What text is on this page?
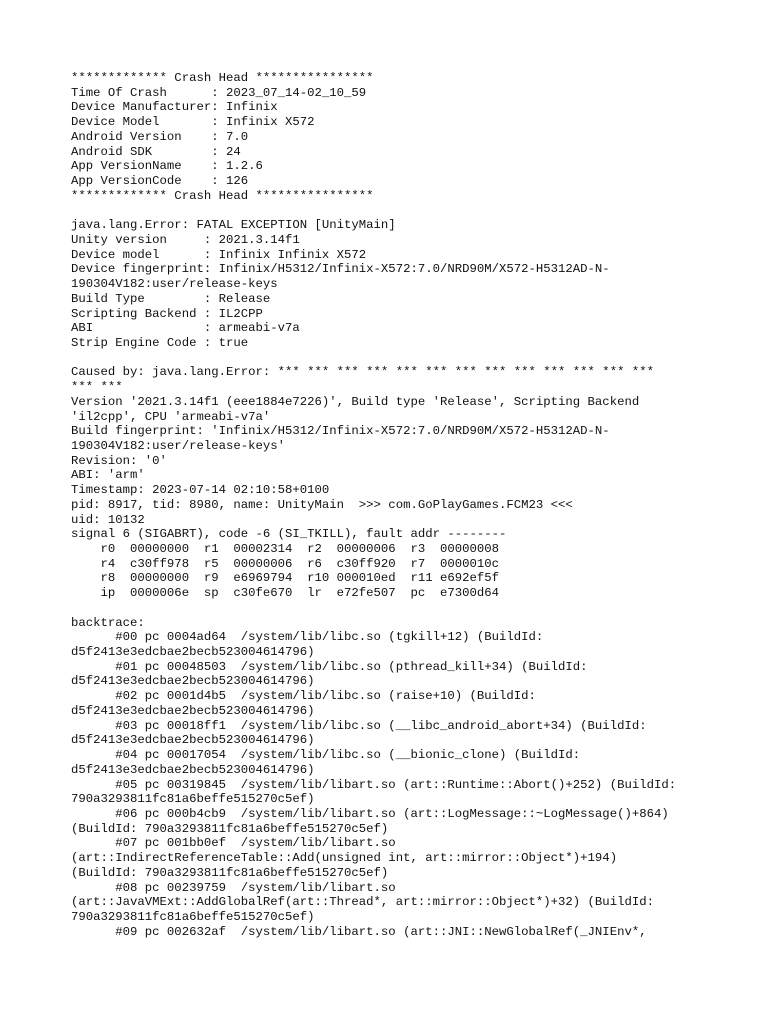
************* Crash Head ****************
Time Of Crash      : 2023_07_14-02_10_59
Device Manufacturer: Infinix
Device Model       : Infinix X572
Android Version    : 7.0
Android SDK        : 24
App VersionName    : 1.2.6
App VersionCode    : 126
************* Crash Head ****************
java.lang.Error: FATAL EXCEPTION [UnityMain]
Unity version     : 2021.3.14f1
Device model      : Infinix Infinix X572
Device fingerprint: Infinix/H5312/Infinix-X572:7.0/NRD90M/X572-H5312AD-N-
190304V182:user/release-keys
Build Type        : Release
Scripting Backend : IL2CPP
ABI               : armeabi-v7a
Strip Engine Code : true
Caused by: java.lang.Error: *** *** *** *** *** *** *** *** *** *** *** *** ***
*** ***
Version '2021.3.14f1 (eee1884e7226)', Build type 'Release', Scripting Backend
'il2cpp', CPU 'armeabi-v7a'
Build fingerprint: 'Infinix/H5312/Infinix-X572:7.0/NRD90M/X572-H5312AD-N-
190304V182:user/release-keys'
Revision: '0'
ABI: 'arm'
Timestamp: 2023-07-14 02:10:58+0100
pid: 8917, tid: 8980, name: UnityMain  >>> com.GoPlayGames.FCM23 <<<
uid: 10132
signal 6 (SIGABRT), code -6 (SI_TKILL), fault addr --------
r0  00000000  r1  00002314  r2  00000006  r3  00000008
r4  c30ff978  r5  00000006  r6  c30ff920  r7  0000010c
r8  00000000  r9  e6969794  r10 000010ed  r11 e692ef5f
ip  0000006e  sp  c30fe670  lr  e72fe507  pc  e7300d64
backtrace:
#00 pc 0004ad64  /system/lib/libc.so (tgkill+12) (BuildId:
d5f2413e3edcbae2becb523004614796)
#01 pc 00048503  /system/lib/libc.so (pthread_kill+34) (BuildId:
d5f2413e3edcbae2becb523004614796)
#02 pc 0001d4b5  /system/lib/libc.so (raise+10) (BuildId:
d5f2413e3edcbae2becb523004614796)
#03 pc 00018ff1  /system/lib/libc.so (__libc_android_abort+34) (BuildId:
d5f2413e3edcbae2becb523004614796)
#04 pc 00017054  /system/lib/libc.so (__bionic_clone) (BuildId:
d5f2413e3edcbae2becb523004614796)
#05 pc 00319845  /system/lib/libart.so (art::Runtime::Abort()+252) (BuildId:
790a3293811fc81a6beffe515270c5ef)
#06 pc 000b4cb9  /system/lib/libart.so (art::LogMessage::~LogMessage()+864)
(BuildId: 790a3293811fc81a6beffe515270c5ef)
#07 pc 001bb0ef  /system/lib/libart.so
(art::IndirectReferenceTable::Add(unsigned int, art::mirror::Object*)+194)
(BuildId: 790a3293811fc81a6beffe515270c5ef)
#08 pc 00239759  /system/lib/libart.so
(art::JavaVMExt::AddGlobalRef(art::Thread*, art::mirror::Object*)+32) (BuildId:
790a3293811fc81a6beffe515270c5ef)
#09 pc 002632af  /system/lib/libart.so (art::JNI::NewGlobalRef(_JNIEnv*,
